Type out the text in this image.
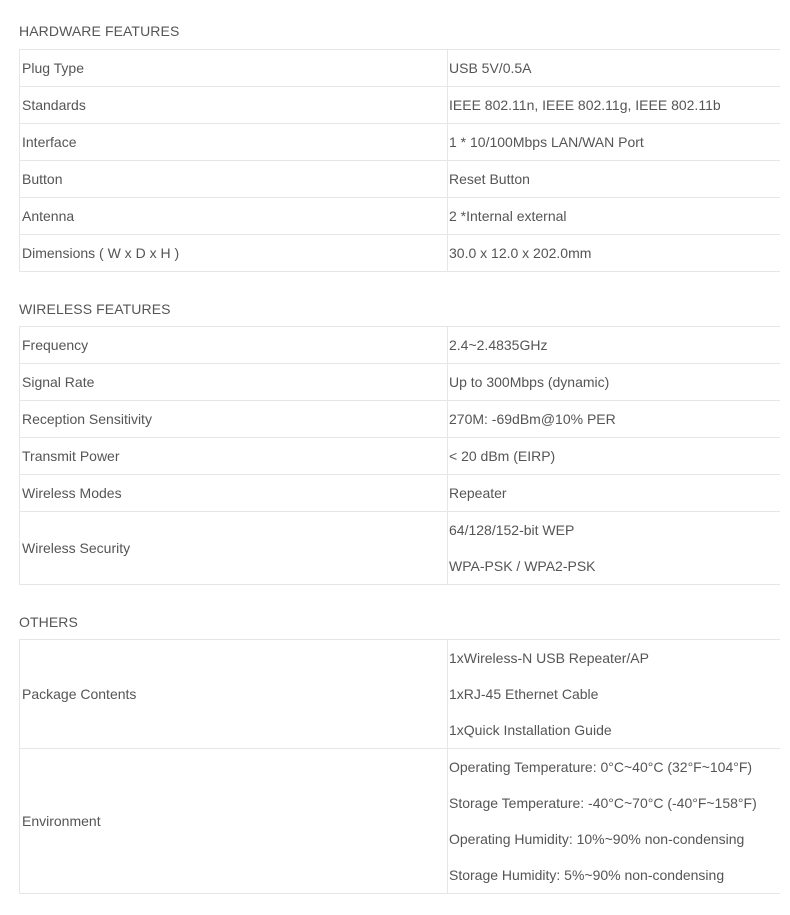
HARDWARE FEATURES
Plug Type	USB 5V/0.5A

Standards	IEEE 802.11n, IEEE 802.11g, IEEE 802.11b

Interface	1 * 10/100Mbps LAN/WAN Port

Button	Reset Button

Antenna	2 *Internal external

Dimensions ( W x D x H )	30.0 x 12.0 x 202.0mm
WIRELESS FEATURES
Frequency	2.4~2.4835GHz

Signal Rate	Up to 300Mbps (dynamic)

Reception Sensitivity	270M: -69dBm@10% PER

Transmit Power	< 20 dBm (EIRP)

Wireless Modes	Repeater

Wireless Security	64/128/152-bit WEP
WPA-PSK / WPA2-PSK
OTHERS
Package Contents	1xWireless-N USB Repeater/AP
1xRJ-45 Ethernet Cable
1xQuick Installation Guide

Environment	Operating Temperature: 0°C~40°C (32°F~104°F)
Storage Temperature: -40°C~70°C (-40°F~158°F)
Operating Humidity: 10%~90% non-condensing
Storage Humidity: 5%~90% non-condensing
